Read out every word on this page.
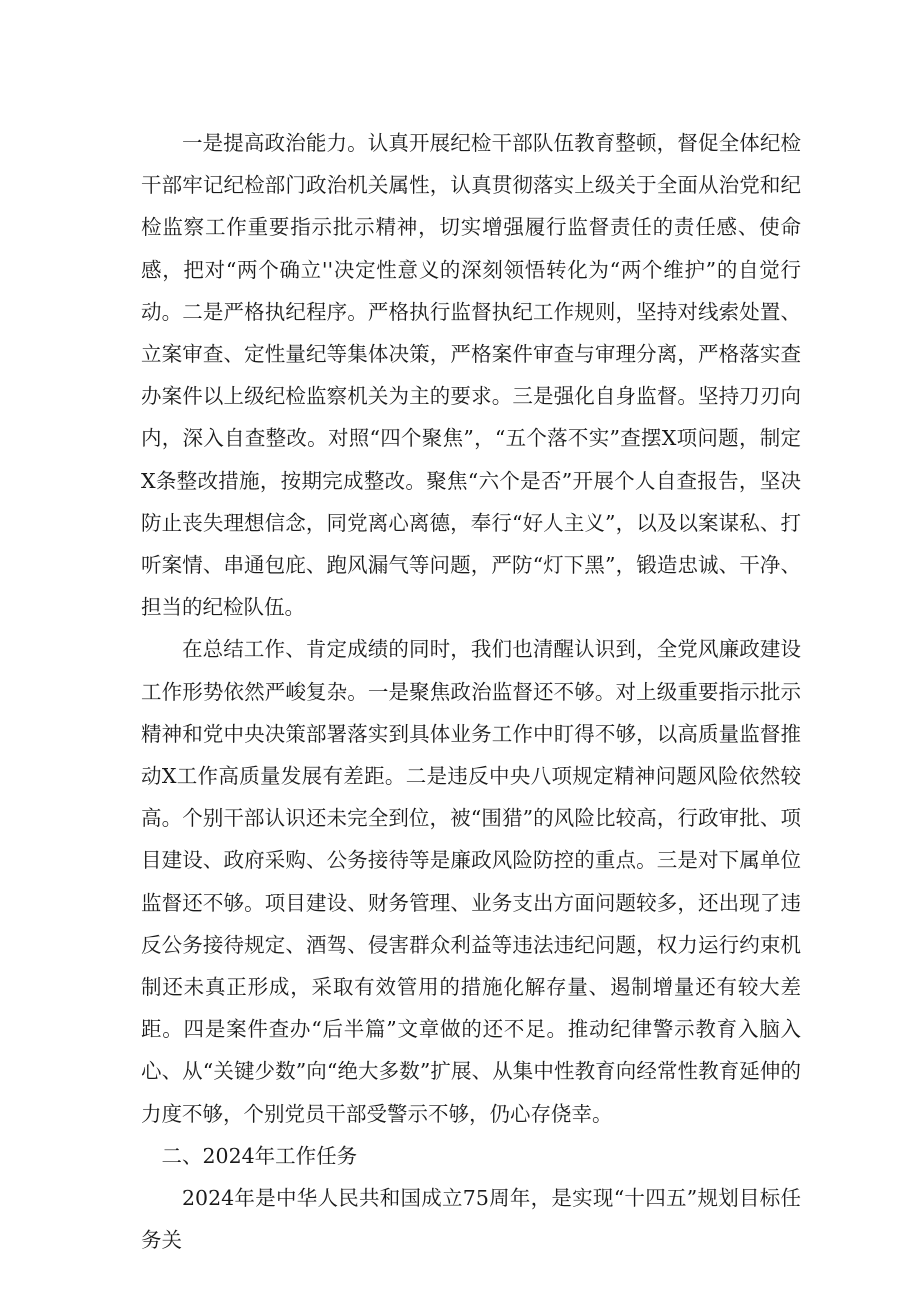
一是提高政治能力。认真开展纪检干部队伍教育整顿，督促全体纪检干部牢记纪检部门政治机关属性，认真贯彻落实上级关于全面从治党和纪检监察工作重要指示批示精神，切实增强履行监督责任的责任感、使命感，把对“两个确立''决定性意义的深刻领悟转化为“两个维护”的自觉行动。二是严格执纪程序。严格执行监督执纪工作规则，坚持对线索处置、立案审查、定性量纪等集体决策，严格案件审查与审理分离，严格落实查办案件以上级纪检监察机关为主的要求。三是强化自身监督。坚持刀刃向内，深入自查整改。对照“四个聚焦”，“五个落不实”查摆X项问题，制定X条整改措施，按期完成整改。聚焦“六个是否”开展个人自查报告，坚决防止丧失理想信念，同党离心离德，奉行“好人主义”，以及以案谋私、打听案情、串通包庇、跑风漏气等问题，严防“灯下黑”，锻造忠诚、干净、担当的纪检队伍。

在总结工作、肯定成绩的同时，我们也清醒认识到，全党风廉政建设工作形势依然严峻复杂。一是聚焦政治监督还不够。对上级重要指示批示精神和党中央决策部署落实到具体业务工作中盯得不够，以高质量监督推动X工作高质量发展有差距。二是违反中央八项规定精神问题风险依然较高。个别干部认识还未完全到位，被“围猎”的风险比较高，行政审批、项目建设、政府采购、公务接待等是廉政风险防控的重点。三是对下属单位监督还不够。项目建设、财务管理、业务支出方面问题较多，还出现了违反公务接待规定、酒驾、侵害群众利益等违法违纪问题，权力运行约束机制还未真正形成，采取有效管用的措施化解存量、遏制增量还有较大差距。四是案件查办“后半篇”文章做的还不足。推动纪律警示教育入脑入心、从“关键少数”向“绝大多数”扩展、从集中性教育向经常性教育延伸的力度不够，个别党员干部受警示不够，仍心存侥幸。

二、2024年工作任务

2024年是中华人民共和国成立75周年，是实现“十四五”规划目标任务关
